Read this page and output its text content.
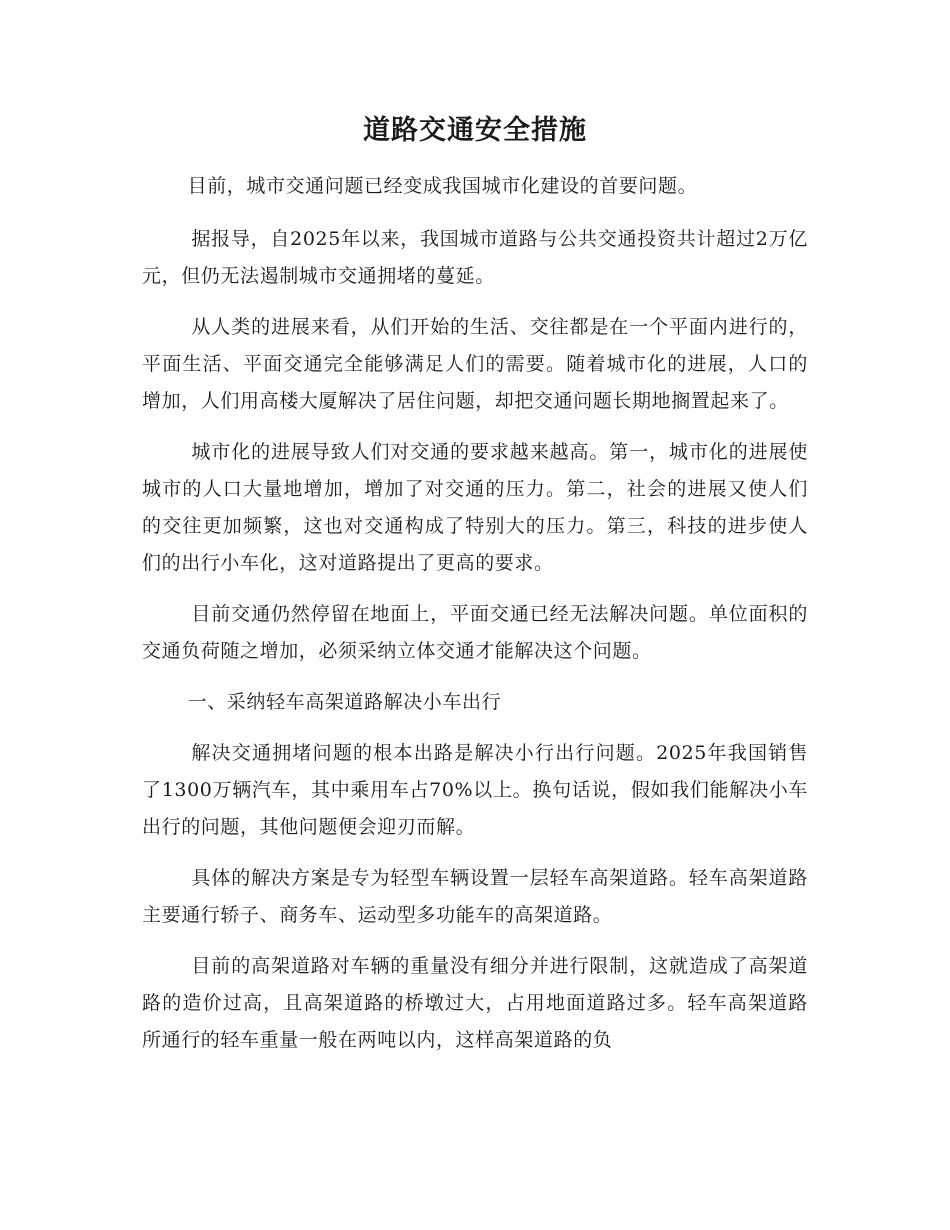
道路交通安全措施

目前，城市交通问题已经变成我国城市化建设的首要问题。

据报导，自2025年以来，我国城市道路与公共交通投资共计超过2万亿元，但仍无法遏制城市交通拥堵的蔓延。

从人类的进展来看，从们开始的生活、交往都是在一个平面内进行的，平面生活、平面交通完全能够满足人们的需要。随着城市化的进展，人口的增加，人们用高楼大厦解决了居住问题，却把交通问题长期地搁置起来了。

城市化的进展导致人们对交通的要求越来越高。第一，城市化的进展使城市的人口大量地增加，增加了对交通的压力。第二，社会的进展又使人们的交往更加频繁，这也对交通构成了特别大的压力。第三，科技的进步使人们的出行小车化，这对道路提出了更高的要求。

目前交通仍然停留在地面上，平面交通已经无法解决问题。单位面积的交通负荷随之增加，必须采纳立体交通才能解决这个问题。

一、采纳轻车高架道路解决小车出行

解决交通拥堵问题的根本出路是解决小行出行问题。2025年我国销售了1300万辆汽车，其中乘用车占70%以上。换句话说，假如我们能解决小车出行的问题，其他问题便会迎刃而解。

具体的解决方案是专为轻型车辆设置一层轻车高架道路。轻车高架道路主要通行轿子、商务车、运动型多功能车的高架道路。

目前的高架道路对车辆的重量没有细分并进行限制，这就造成了高架道路的造价过高，且高架道路的桥墩过大，占用地面道路过多。轻车高架道路所通行的轻车重量一般在两吨以内，这样高架道路的负
